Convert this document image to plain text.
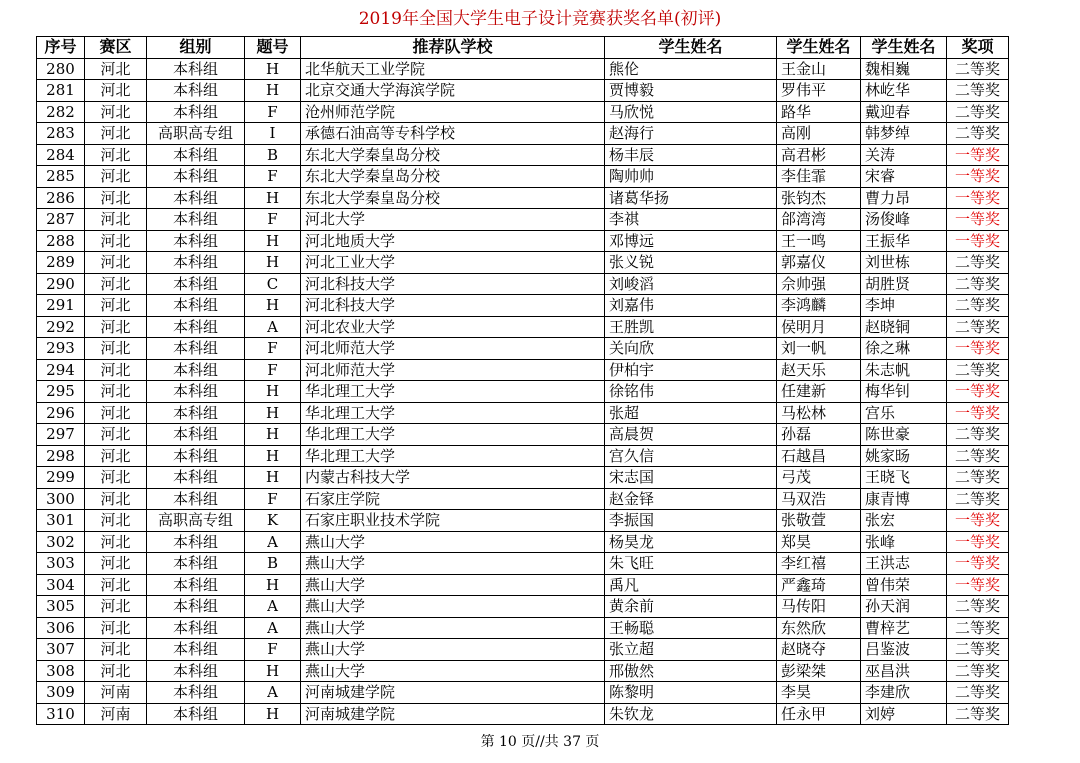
2019年全国大学生电子设计竞赛获奖名单(初评)
序号	赛区	组别	题号	推荐队学校	学生姓名	学生姓名	学生姓名	奖项
280	河北	本科组	H	北华航天工业学院	熊伦	王金山	魏相巍	二等奖
281	河北	本科组	H	北京交通大学海滨学院	贾博毅	罗伟平	林屹华	二等奖
282	河北	本科组	F	沧州师范学院	马欣悦	路华	戴迎春	二等奖
283	河北	高职高专组	I	承德石油高等专科学校	赵海行	高刚	韩梦绰	二等奖
284	河北	本科组	B	东北大学秦皇岛分校	杨丰辰	高君彬	关涛	一等奖
285	河北	本科组	F	东北大学秦皇岛分校	陶帅帅	李佳霏	宋睿	一等奖
286	河北	本科组	H	东北大学秦皇岛分校	诸葛华扬	张钧杰	曹力昂	一等奖
287	河北	本科组	F	河北大学	李祺	郃湾湾	汤俊峰	一等奖
288	河北	本科组	H	河北地质大学	邓博远	王一鸣	王振华	一等奖
289	河北	本科组	H	河北工业大学	张义锐	郭嘉仪	刘世栋	二等奖
290	河北	本科组	C	河北科技大学	刘峻滔	佘帅强	胡胜贤	二等奖
291	河北	本科组	H	河北科技大学	刘嘉伟	李鸿麟	李坤	二等奖
292	河北	本科组	A	河北农业大学	王胜凯	侯明月	赵晓铜	二等奖
293	河北	本科组	F	河北师范大学	关向欣	刘一帆	徐之琳	一等奖
294	河北	本科组	F	河北师范大学	伊柏宇	赵天乐	朱志帆	二等奖
295	河北	本科组	H	华北理工大学	徐铭伟	任建新	梅华钊	一等奖
296	河北	本科组	H	华北理工大学	张超	马松林	宫乐	一等奖
297	河北	本科组	H	华北理工大学	高晨贺	孙磊	陈世豪	二等奖
298	河北	本科组	H	华北理工大学	宫久信	石越昌	姚家旸	二等奖
299	河北	本科组	H	内蒙古科技大学	宋志国	弓茂	王晓飞	二等奖
300	河北	本科组	F	石家庄学院	赵金铎	马双浩	康青博	二等奖
301	河北	高职高专组	K	石家庄职业技术学院	李振国	张敬萱	张宏	一等奖
302	河北	本科组	A	燕山大学	杨昊龙	郑昊	张峰	一等奖
303	河北	本科组	B	燕山大学	朱飞旺	李红禧	王洪志	一等奖
304	河北	本科组	H	燕山大学	禹凡	严鑫琦	曾伟荣	一等奖
305	河北	本科组	A	燕山大学	黄余前	马传阳	孙天润	二等奖
306	河北	本科组	A	燕山大学	王畅聪	东然欣	曹梓艺	二等奖
307	河北	本科组	F	燕山大学	张立超	赵晓夺	吕鉴波	二等奖
308	河北	本科组	H	燕山大学	邢傲然	彭梁桀	巫昌洪	二等奖
309	河南	本科组	A	河南城建学院	陈黎明	李昊	李建欣	二等奖
310	河南	本科组	H	河南城建学院	朱钦龙	任永甲	刘婷	二等奖
第 10 页//共 37 页
